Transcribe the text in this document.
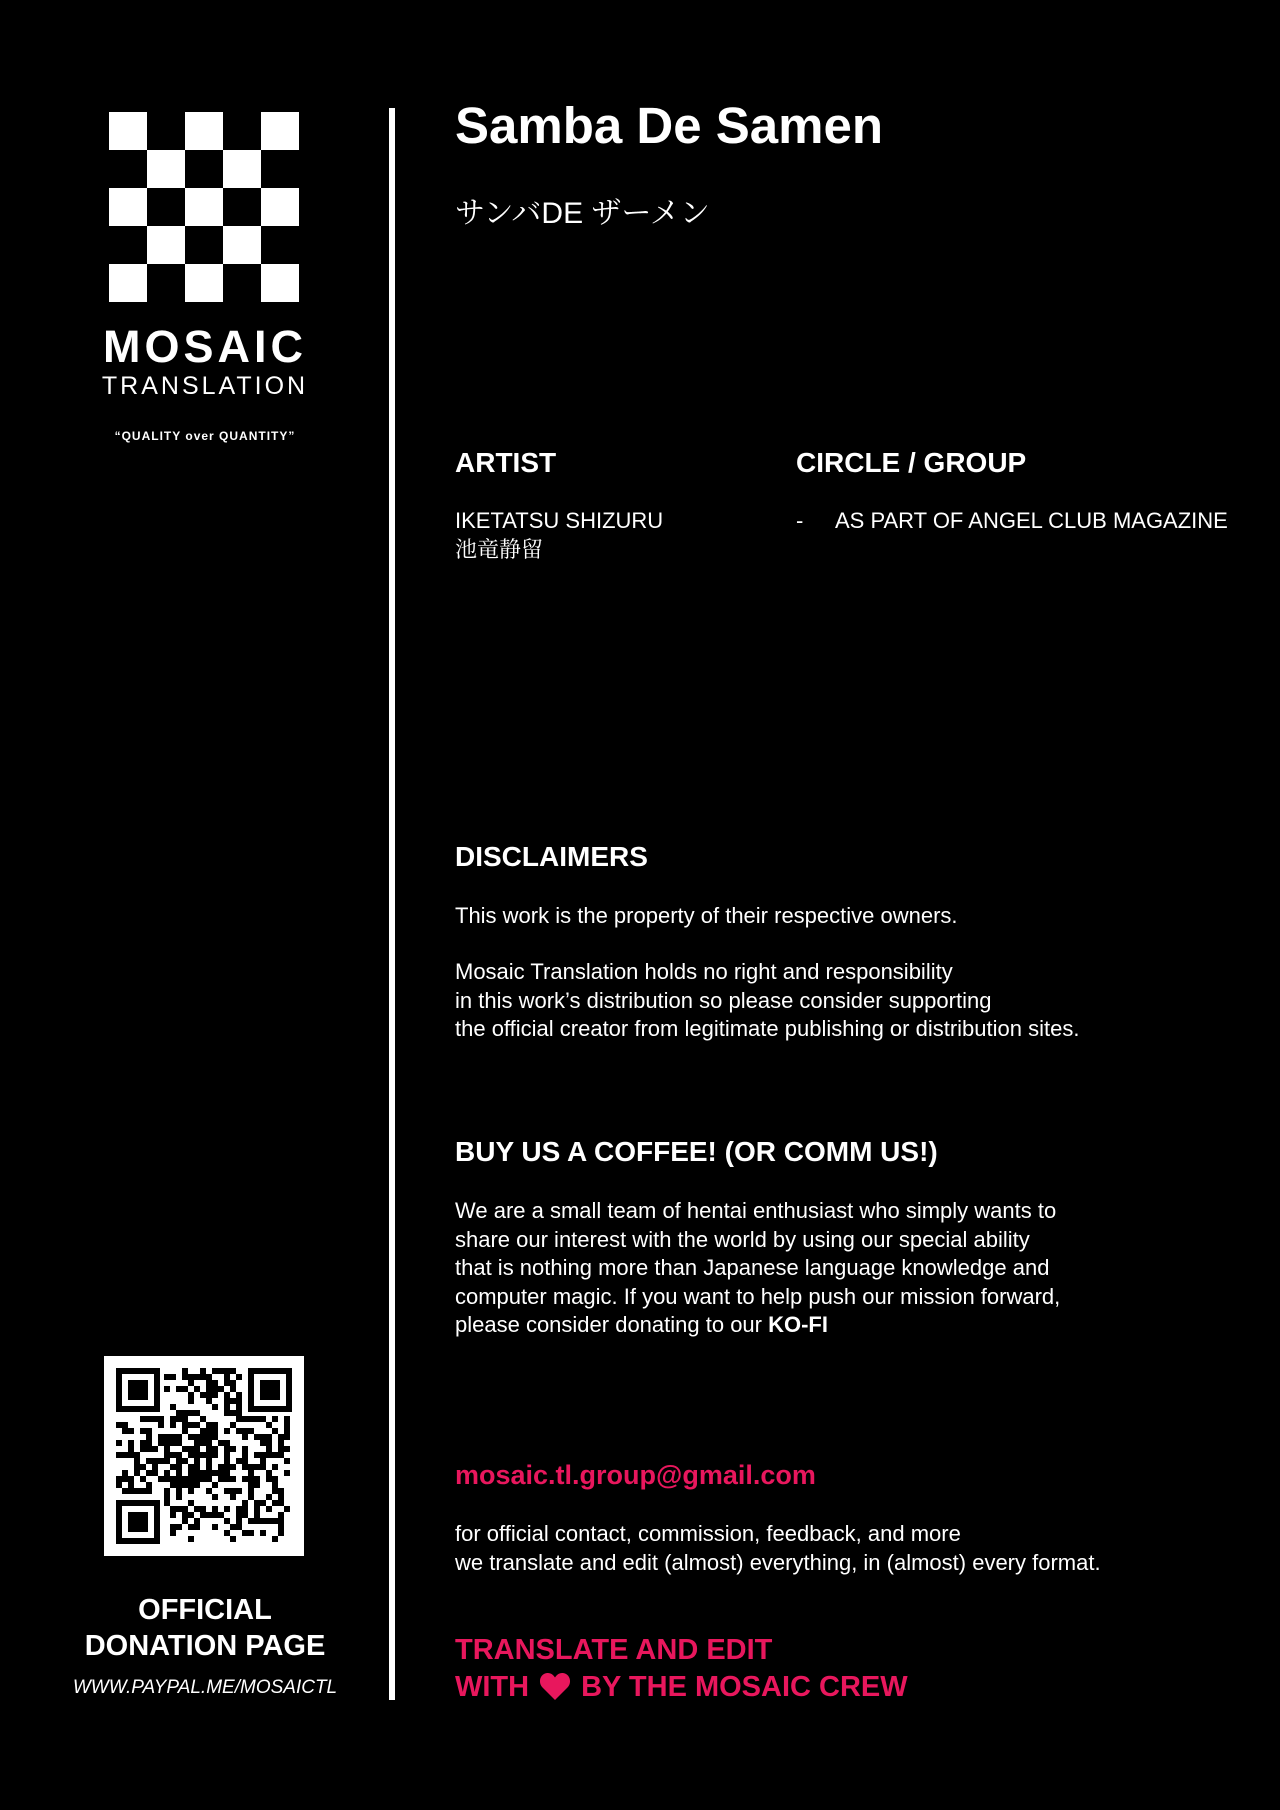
MOSAIC
TRANSLATION
“QUALITY over QUANTITY”
OFFICIAL
DONATION PAGE
WWW.PAYPAL.ME/MOSAICTL
Samba De Samen
サンバDE ザーメン
ARTIST	CIRCLE / GROUP
IKETATSU SHIZURU
池竜静留
- AS PART OF ANGEL CLUB MAGAZINE
DISCLAIMERS
This work is the property of their respective owners.
Mosaic Translation holds no right and responsibility
in this work’s distribution so please consider supporting
the official creator from legitimate publishing or distribution sites.
BUY US A COFFEE! (OR COMM US!)
We are a small team of hentai enthusiast who simply wants to
share our interest with the world by using our special ability
that is nothing more than Japanese language knowledge and
computer magic. If you want to help push our mission forward,
please consider donating to our KO-FI
mosaic.tl.group@gmail.com
for official contact, commission, feedback, and more
we translate and edit (almost) everything, in (almost) every format.
TRANSLATE AND EDIT
WITH BY THE MOSAIC CREW
